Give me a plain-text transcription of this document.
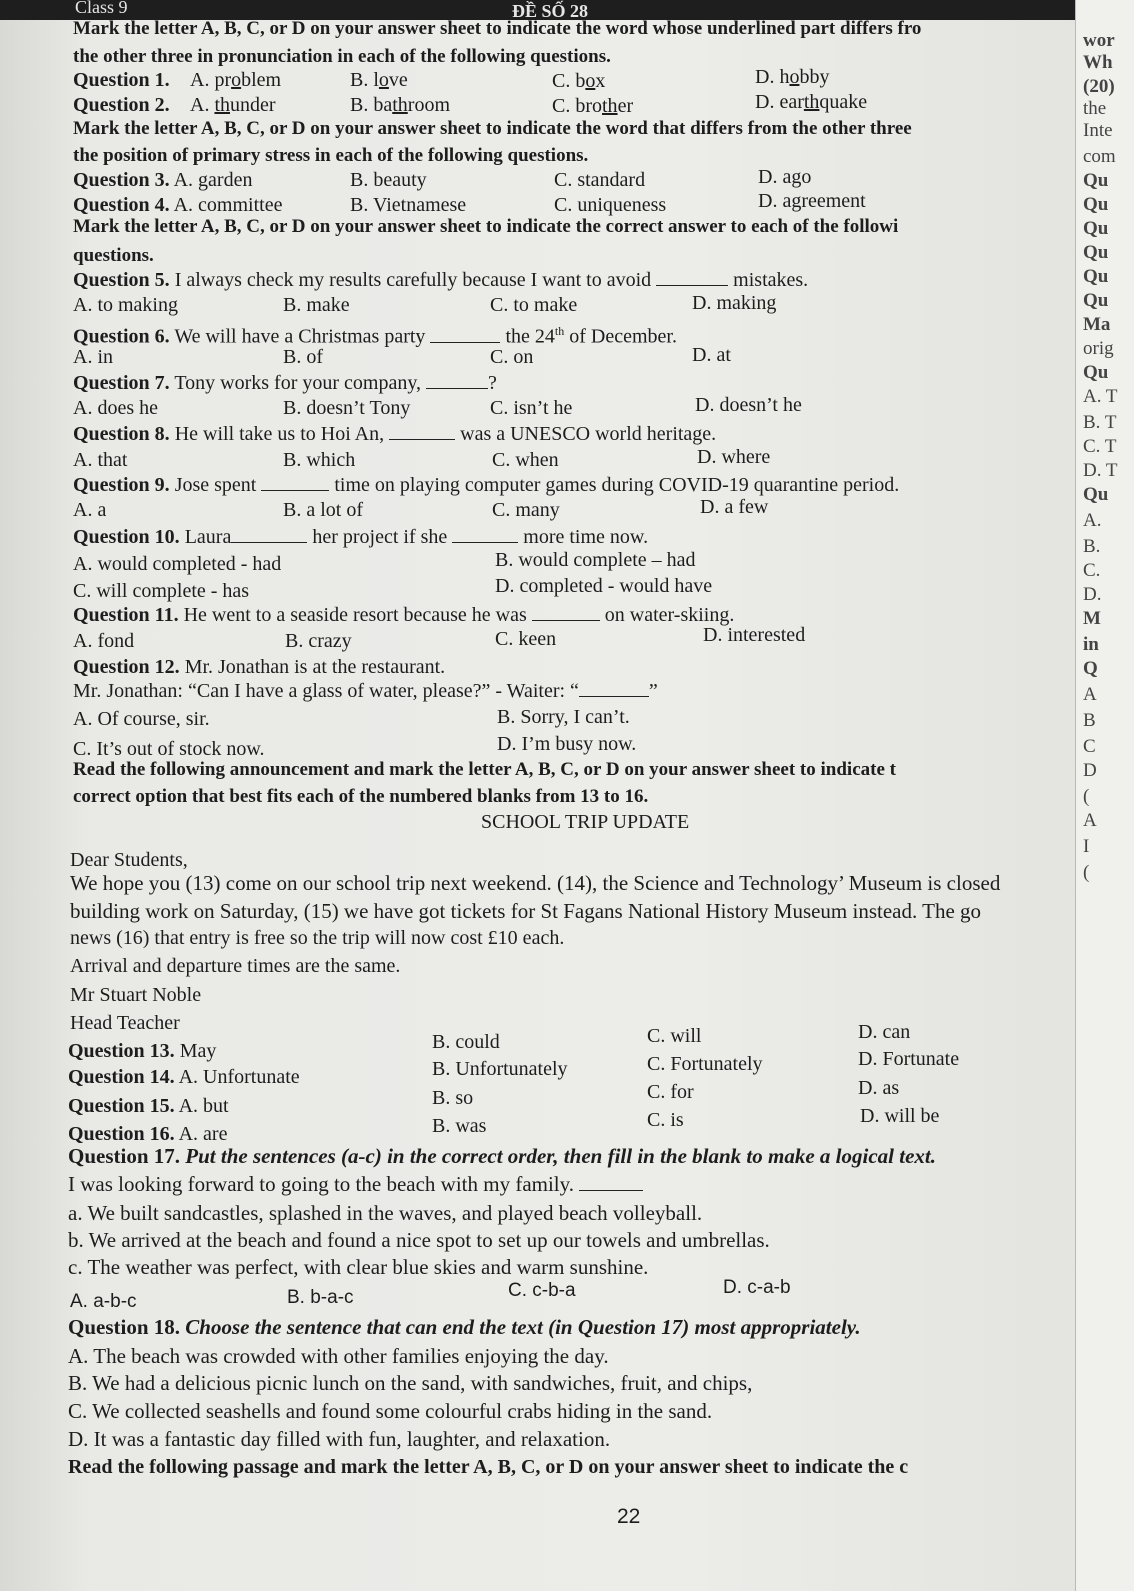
Class 9	ĐỀ SỐ 28
Mark the letter A, B, C, or D on your answer sheet to indicate the word whose underlined part differs fro
the other three in pronunciation in each of the following questions.
Question 1. A. problem	B. love	C. box	D. hobby
Question 2. A. thunder	B. bathroom	C. brother	D. earthquake
Mark the letter A, B, C, or D on your answer sheet to indicate the word that differs from the other three
the position of primary stress in each of the following questions.
Question 3. A. garden	B. beauty	C. standard	D. ago
Question 4. A. committee	B. Vietnamese	C. uniqueness	D. agreement
Mark the letter A, B, C, or D on your answer sheet to indicate the correct answer to each of the followi
questions.
Question 5. I always check my results carefully because I want to avoid	mistakes.
A. to making	B. make	C. to make	D. making
Question 6. We will have a Christmas party	the 24th of December.
A. in	B. of	C. on	D. at
Question 7. Tony works for your company,	?
A. does he	B. doesn’t Tony	C. isn’t he	D. doesn’t he
Question 8. He will take us to Hoi An,	was a UNESCO world heritage.
A. that	B. which	C. when	D. where
Question 9. Jose spent	time on playing computer games during COVID-19 quarantine period.
A. a	B. a lot of	C. many	D. a few
Question 10. Laura	her project if she	more time now.
A. would completed - had	B. would complete – had
C. will complete - has	D. completed - would have
Question 11. He went to a seaside resort because he was	on water-skiing.
A. fond	B. crazy	C. keen	D. interested
Question 12. Mr. Jonathan is at the restaurant.
Mr. Jonathan: “Can I have a glass of water, please?” - Waiter: “	”
A. Of course, sir.	B. Sorry, I can’t.
C. It’s out of stock now.	D. I’m busy now.
Read the following announcement and mark the letter A, B, C, or D on your answer sheet to indicate t
correct option that best fits each of the numbered blanks from 13 to 16.
SCHOOL TRIP UPDATE
Dear Students,
We hope you (13) come on our school trip next weekend. (14), the Science and Technology’ Museum is closed
building work on Saturday, (15) we have got tickets for St Fagans National History Museum instead. The go
news (16) that entry is free so the trip will now cost £10 each.
Arrival and departure times are the same.
Mr Stuart Noble
Head Teacher
Question 13. May	B. could	C. will	D. can
Question 14. A. Unfortunate	B. Unfortunately	C. Fortunately	D. Fortunate
Question 15. A. but	B. so	C. for	D. as
Question 16. A. are	B. was	C. is	D. will be
Question 17. Put the sentences (a-c) in the correct order, then fill in the blank to make a logical text.
I was looking forward to going to the beach with my family.
a. We built sandcastles, splashed in the waves, and played beach volleyball.
b. We arrived at the beach and found a nice spot to set up our towels and umbrellas.
c. The weather was perfect, with clear blue skies and warm sunshine.
A. a-b-c	B. b-a-c	C. c-b-a	D. c-a-b
Question 18. Choose the sentence that can end the text (in Question 17) most appropriately.
A. The beach was crowded with other families enjoying the day.
B. We had a delicious picnic lunch on the sand, with sandwiches, fruit, and chips,
C. We collected seashells and found some colourful crabs hiding in the sand.
D. It was a fantastic day filled with fun, laughter, and relaxation.
Read the following passage and mark the letter A, B, C, or D on your answer sheet to indicate the c
22
wor
Wh
(20)
the
Inte
com
Qu
Qu
Qu
Qu
Qu
Qu
Ma
orig
Qu
A. T
B. T
C. T
D. T
Qu
A.
B.
C.
D.
M
in
Q
A
B
C
D
(
A
I
(
